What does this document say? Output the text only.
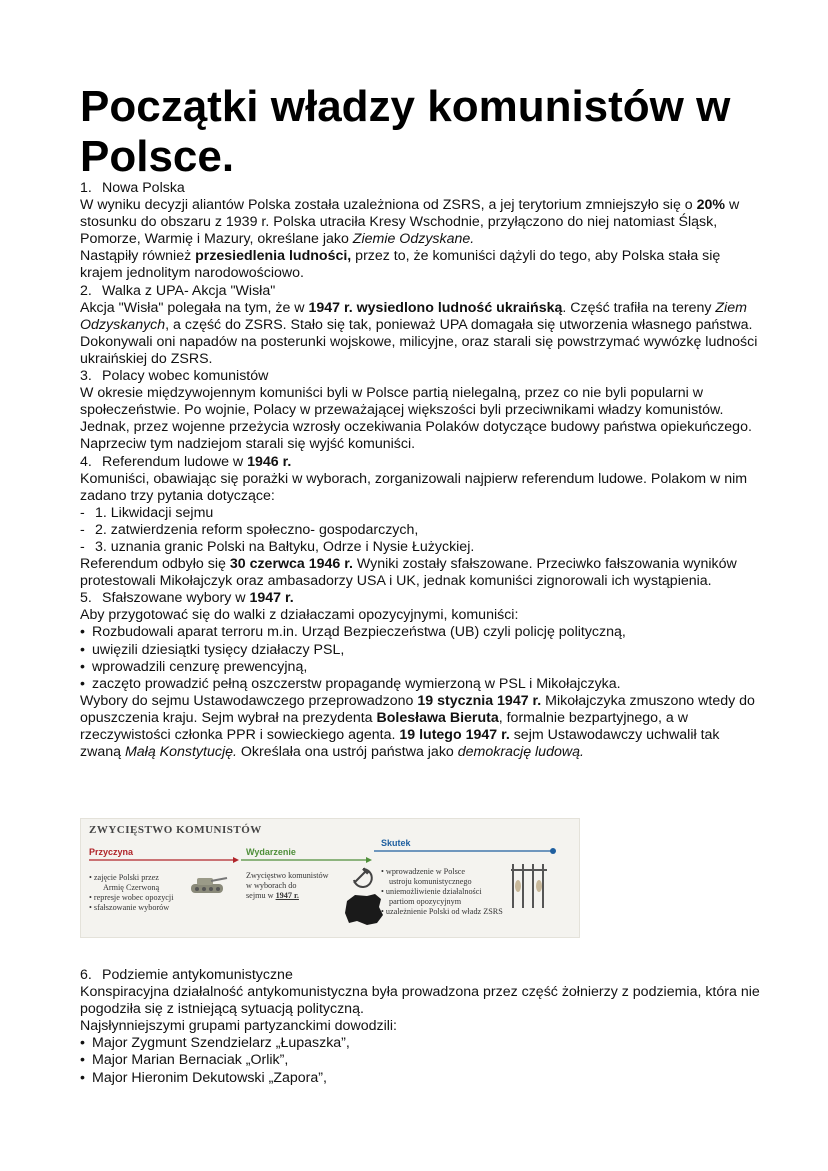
Początki władzy komunistów w Polsce.

1. Nowa Polska

W wyniku decyzji aliantów Polska została uzależniona od ZSRS, a jej terytorium zmniejszyło się o 20% w stosunku do obszaru z 1939 r. Polska utraciła Kresy Wschodnie, przyłączono do niej natomiast Śląsk, Pomorze, Warmię i Mazury, określane jako Ziemie Odzyskane.

Nastąpiły również przesiedlenia ludności, przez to, że komuniści dążyli do tego, aby Polska stała się krajem jednolitym narodowościowo.

2. Walka z UPA- Akcja "Wisła"

Akcja "Wisła" polegała na tym, że w 1947 r. wysiedlono ludność ukraińską. Część trafiła na tereny Ziem Odzyskanych, a część do ZSRS. Stało się tak, ponieważ UPA domagała się utworzenia własnego państwa. Dokonywali oni napadów na posterunki wojskowe, milicyjne, oraz starali się powstrzymać wywózkę ludności ukraińskiej do ZSRS.

3. Polacy wobec komunistów

W okresie międzywojennym komuniści byli w Polsce partią nielegalną, przez co nie byli popularni w społeczeństwie. Po wojnie, Polacy w przeważającej większości byli przeciwnikami władzy komunistów. Jednak, przez wojenne przeżycia wzrosły oczekiwania Polaków dotyczące budowy państwa opiekuńczego. Naprzeciw tym nadziejom starali się wyjść komuniści.

4. Referendum ludowe w 1946 r.

Komuniści, obawiając się porażki w wyborach, zorganizowali najpierw referendum ludowe. Polakom w nim zadano trzy pytania dotyczące:

- 1. Likwidacji sejmu
- 2. zatwierdzenia reform społeczno- gospodarczych,
- 3. uznania granic Polski na Bałtyku, Odrze i Nysie Łużyckiej.

Referendum odbyło się 30 czerwca 1946 r. Wyniki zostały sfałszowane. Przeciwko fałszowania wyników protestowali Mikołajczyk oraz ambasadorzy USA i UK, jednak komuniści zignorowali ich wystąpienia.

5. Sfałszowane wybory w 1947 r.

Aby przygotować się do walki z działaczami opozycyjnymi, komuniści:

• Rozbudowali aparat terroru m.in. Urząd Bezpieczeństwa (UB) czyli policję polityczną,
• uwięzili dziesiątki tysięcy działaczy PSL,
• wprowadzili cenzurę prewencyjną,
• zaczęto prowadzić pełną oszczerstw propagandę wymierzoną w PSL i Mikołajczyka.

Wybory do sejmu Ustawodawczego przeprowadzono 19 stycznia 1947 r. Mikołajczyka zmuszono wtedy do opuszczenia kraju. Sejm wybrał na prezydenta Bolesława Bieruta, formalnie bezpartyjnego, a w rzeczywistości członka PPR i sowieckiego agenta. 19 lutego 1947 r. sejm Ustawodawczy uchwalił tak zwaną Małą Konstytucję. Określała ona ustrój państwa jako demokrację ludową.

ZWYCIĘSTWO KOMUNISTÓW
Przyczyna	Wydarzenie
Skutek
• zajęcie Polski przez
Armię Czerwoną
• represje wobec opozycji
• sfałszowanie wyborów
Zwycięstwo komunistów
w wyborach do
sejmu w 1947 r.
• wprowadzenie w Polsce
ustroju komunistycznego
• uniemożliwienie działalności
partiom opozycyjnym
• uzależnienie Polski od władz ZSRS

6. Podziemie antykomunistyczne

Konspiracyjna działalność antykomunistyczna była prowadzona przez część żołnierzy z podziemia, która nie pogodziła się z istniejącą sytuacją polityczną.

Najsłynniejszymi grupami partyzanckimi dowodzili:

• Major Zygmunt Szendzielarz „Łupaszka”,
• Major Marian Bernaciak „Orlik”,
• Major Hieronim Dekutowski „Zapora”,
